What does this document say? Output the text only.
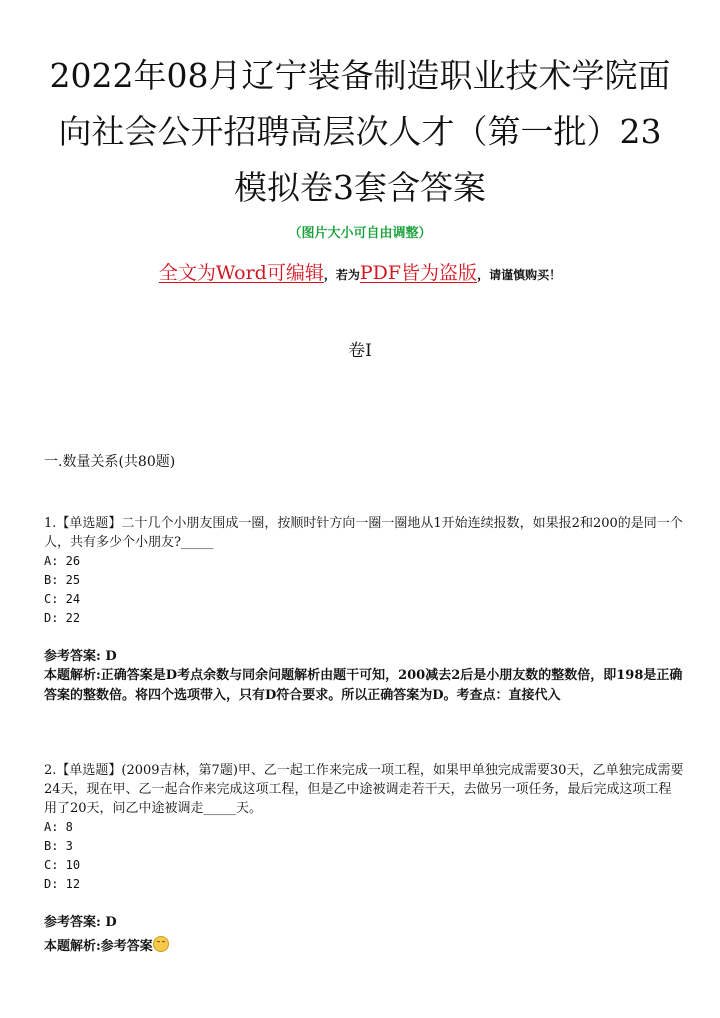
2022年08月辽宁装备制造职业技术学院面
向社会公开招聘高层次人才（第一批）23
模拟卷3套含答案
（图片大小可自由调整）
全文为Word可编辑，若为PDF皆为盗版，请谨慎购买！
卷I
一.数量关系(共80题)

1.【单选题】二十几个小朋友围成一圈，按顺时针方向一圈一圈地从1开始连续报数，如果报2和200的是同一个人，共有多少个小朋友?_____

A: 26

B: 25

C: 24

D: 22

参考答案: D

本题解析:正确答案是D考点余数与同余问题解析由题干可知，200减去2后是小朋友数的整数倍，即198是正确答案的整数倍。将四个选项带入，只有D符合要求。所以正确答案为D。考查点：直接代入

2.【单选题】(2009吉林，第7题)甲、乙一起工作来完成一项工程，如果甲单独完成需要30天，乙单独完成需要24天，现在甲、乙一起合作来完成这项工程，但是乙中途被调走若干天，去做另一项任务，最后完成这项工程用了20天，问乙中途被调走_____天。

A: 8

B: 3

C: 10

D: 12

参考答案: D

本题解析:参考答案
